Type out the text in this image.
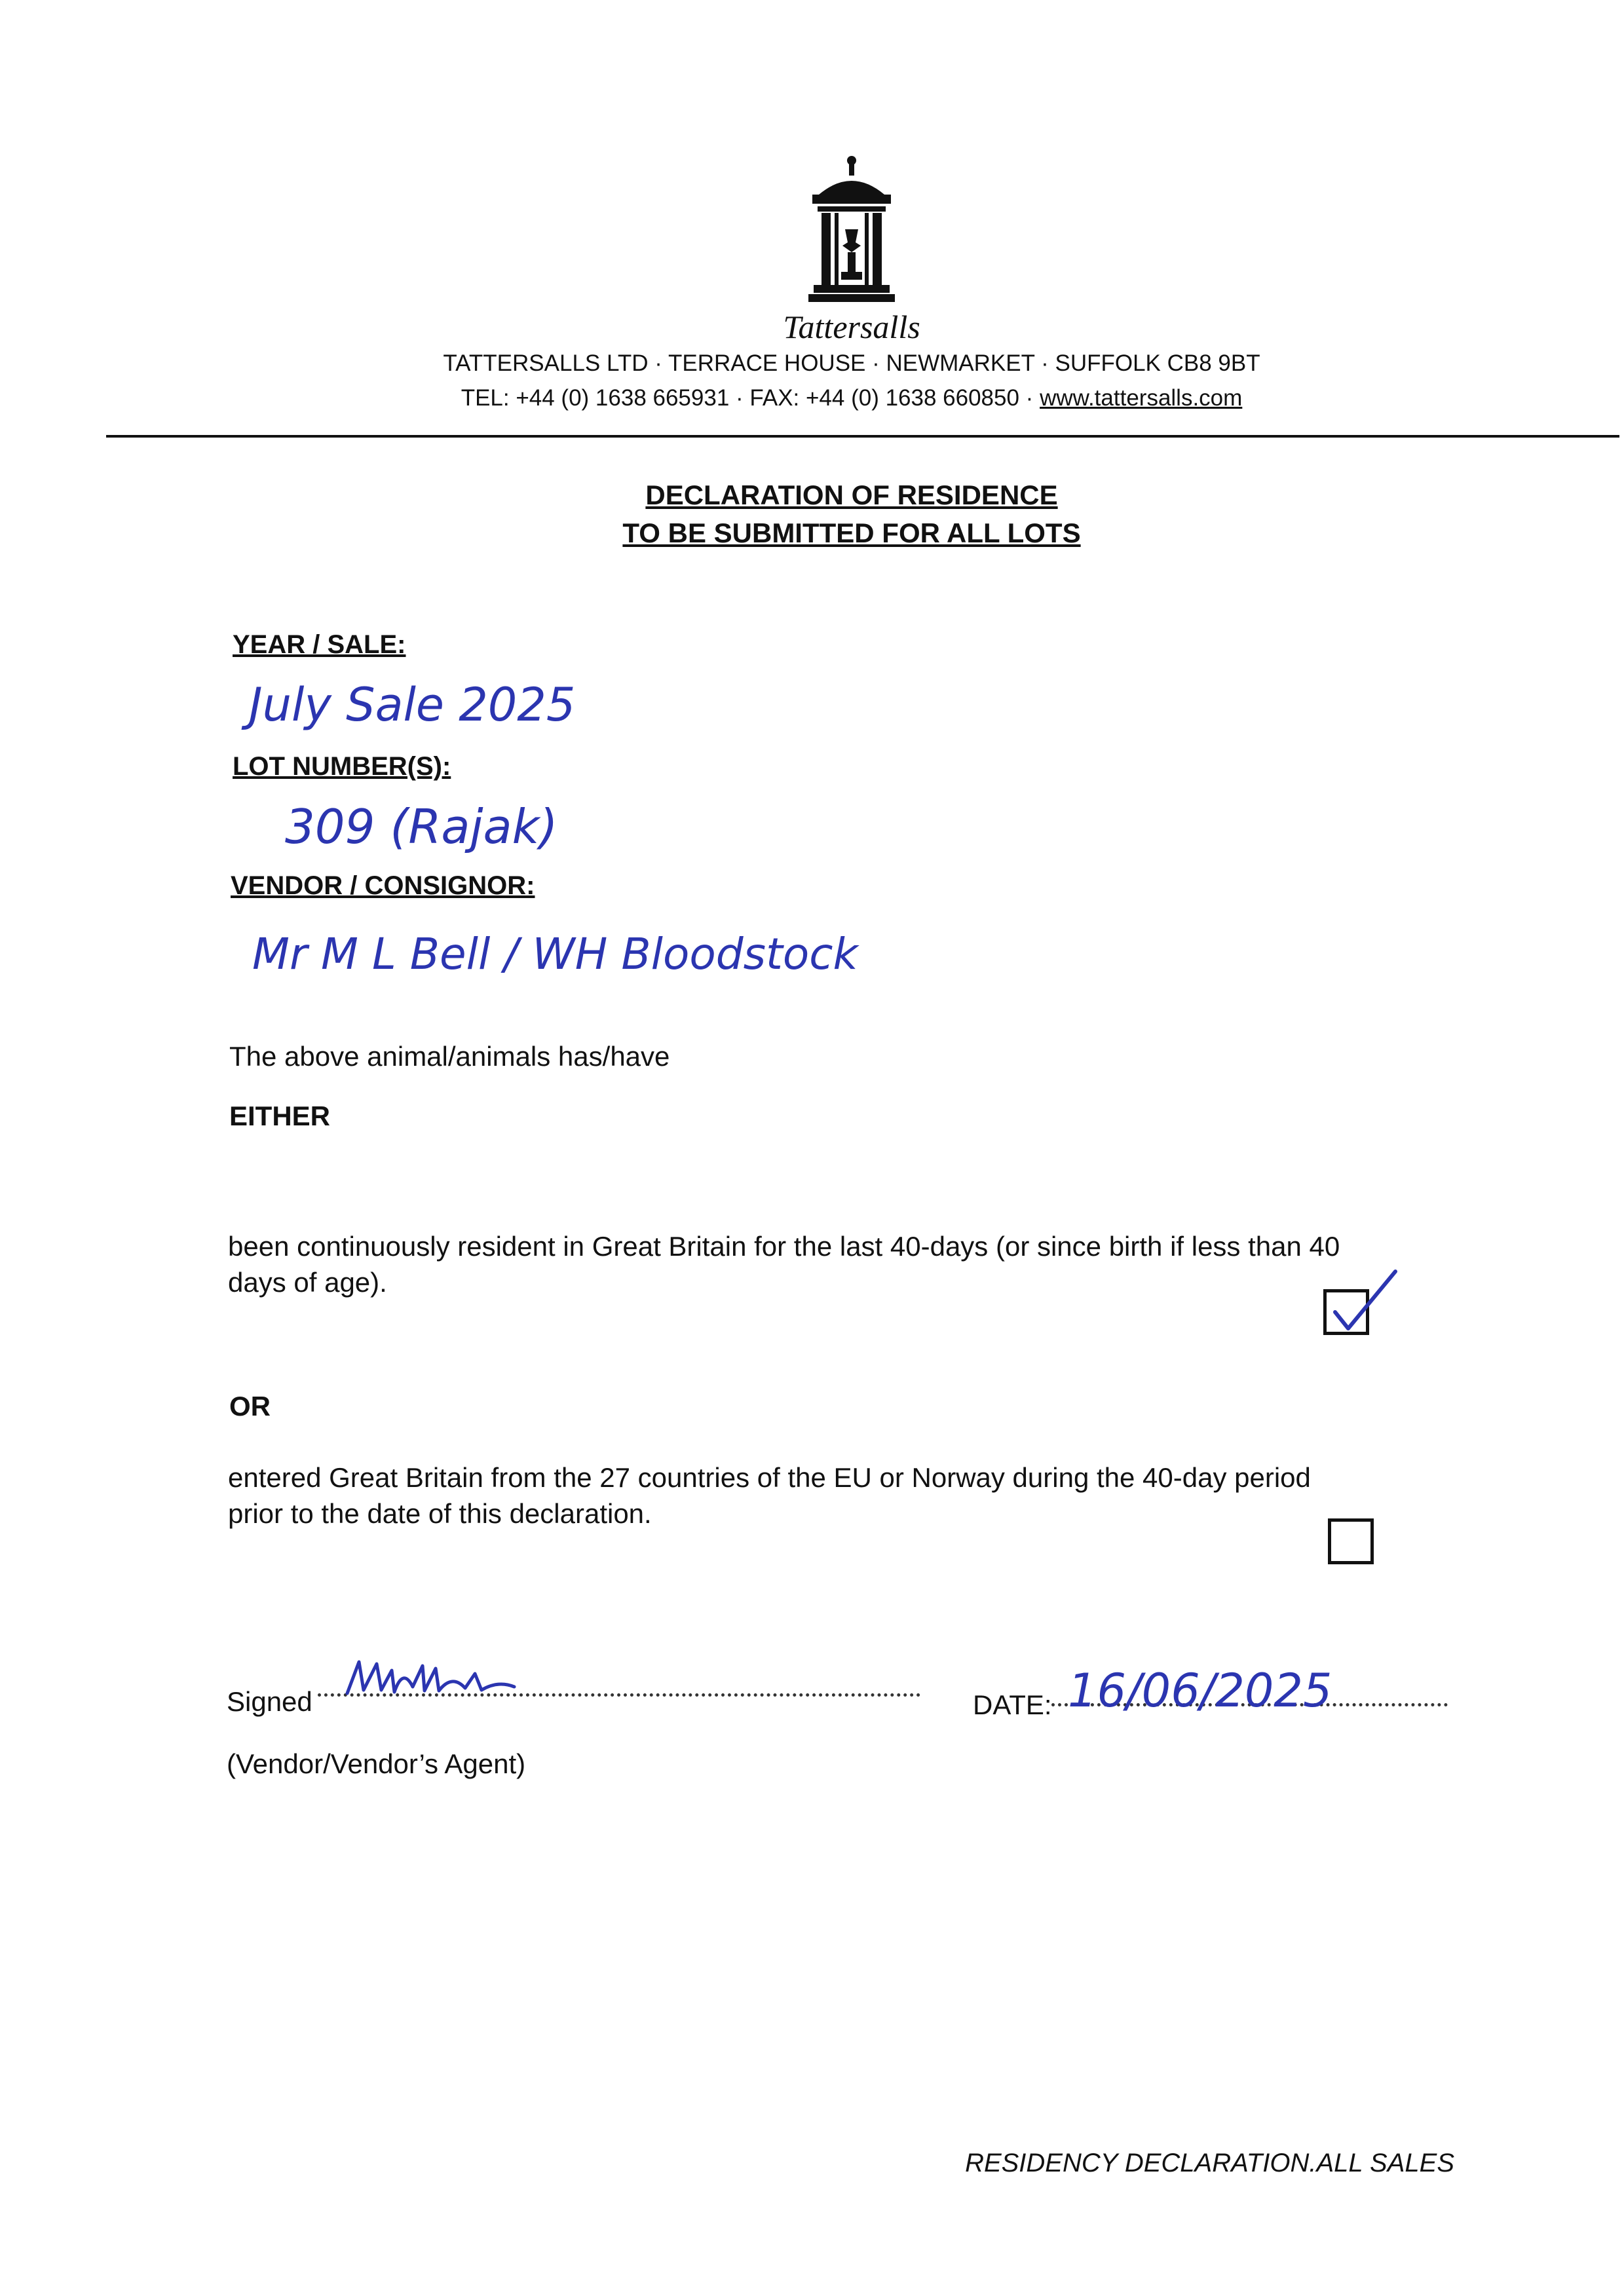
Tattersalls
TATTERSALLS LTD · TERRACE HOUSE · NEWMARKET · SUFFOLK CB8 9BT
TEL: +44 (0) 1638 665931 · FAX: +44 (0) 1638 660850 · www.tattersalls.com
DECLARATION OF RESIDENCE
TO BE SUBMITTED FOR ALL LOTS
YEAR / SALE:
July Sale 2025
LOT NUMBER(S):
309 (Rajak)
VENDOR / CONSIGNOR:
Mr M L Bell / WH Bloodstock
The above animal/animals has/have
EITHER
been continuously resident in Great Britain for the last 40-days (or since birth if less than 40
days of age).
OR
entered Great Britain from the 27 countries of the EU or Norway during the 40-day period
prior to the date of this declaration.
Signed	DATE: 16/06/2025
(Vendor/Vendor’s Agent)
RESIDENCY DECLARATION.ALL SALES
